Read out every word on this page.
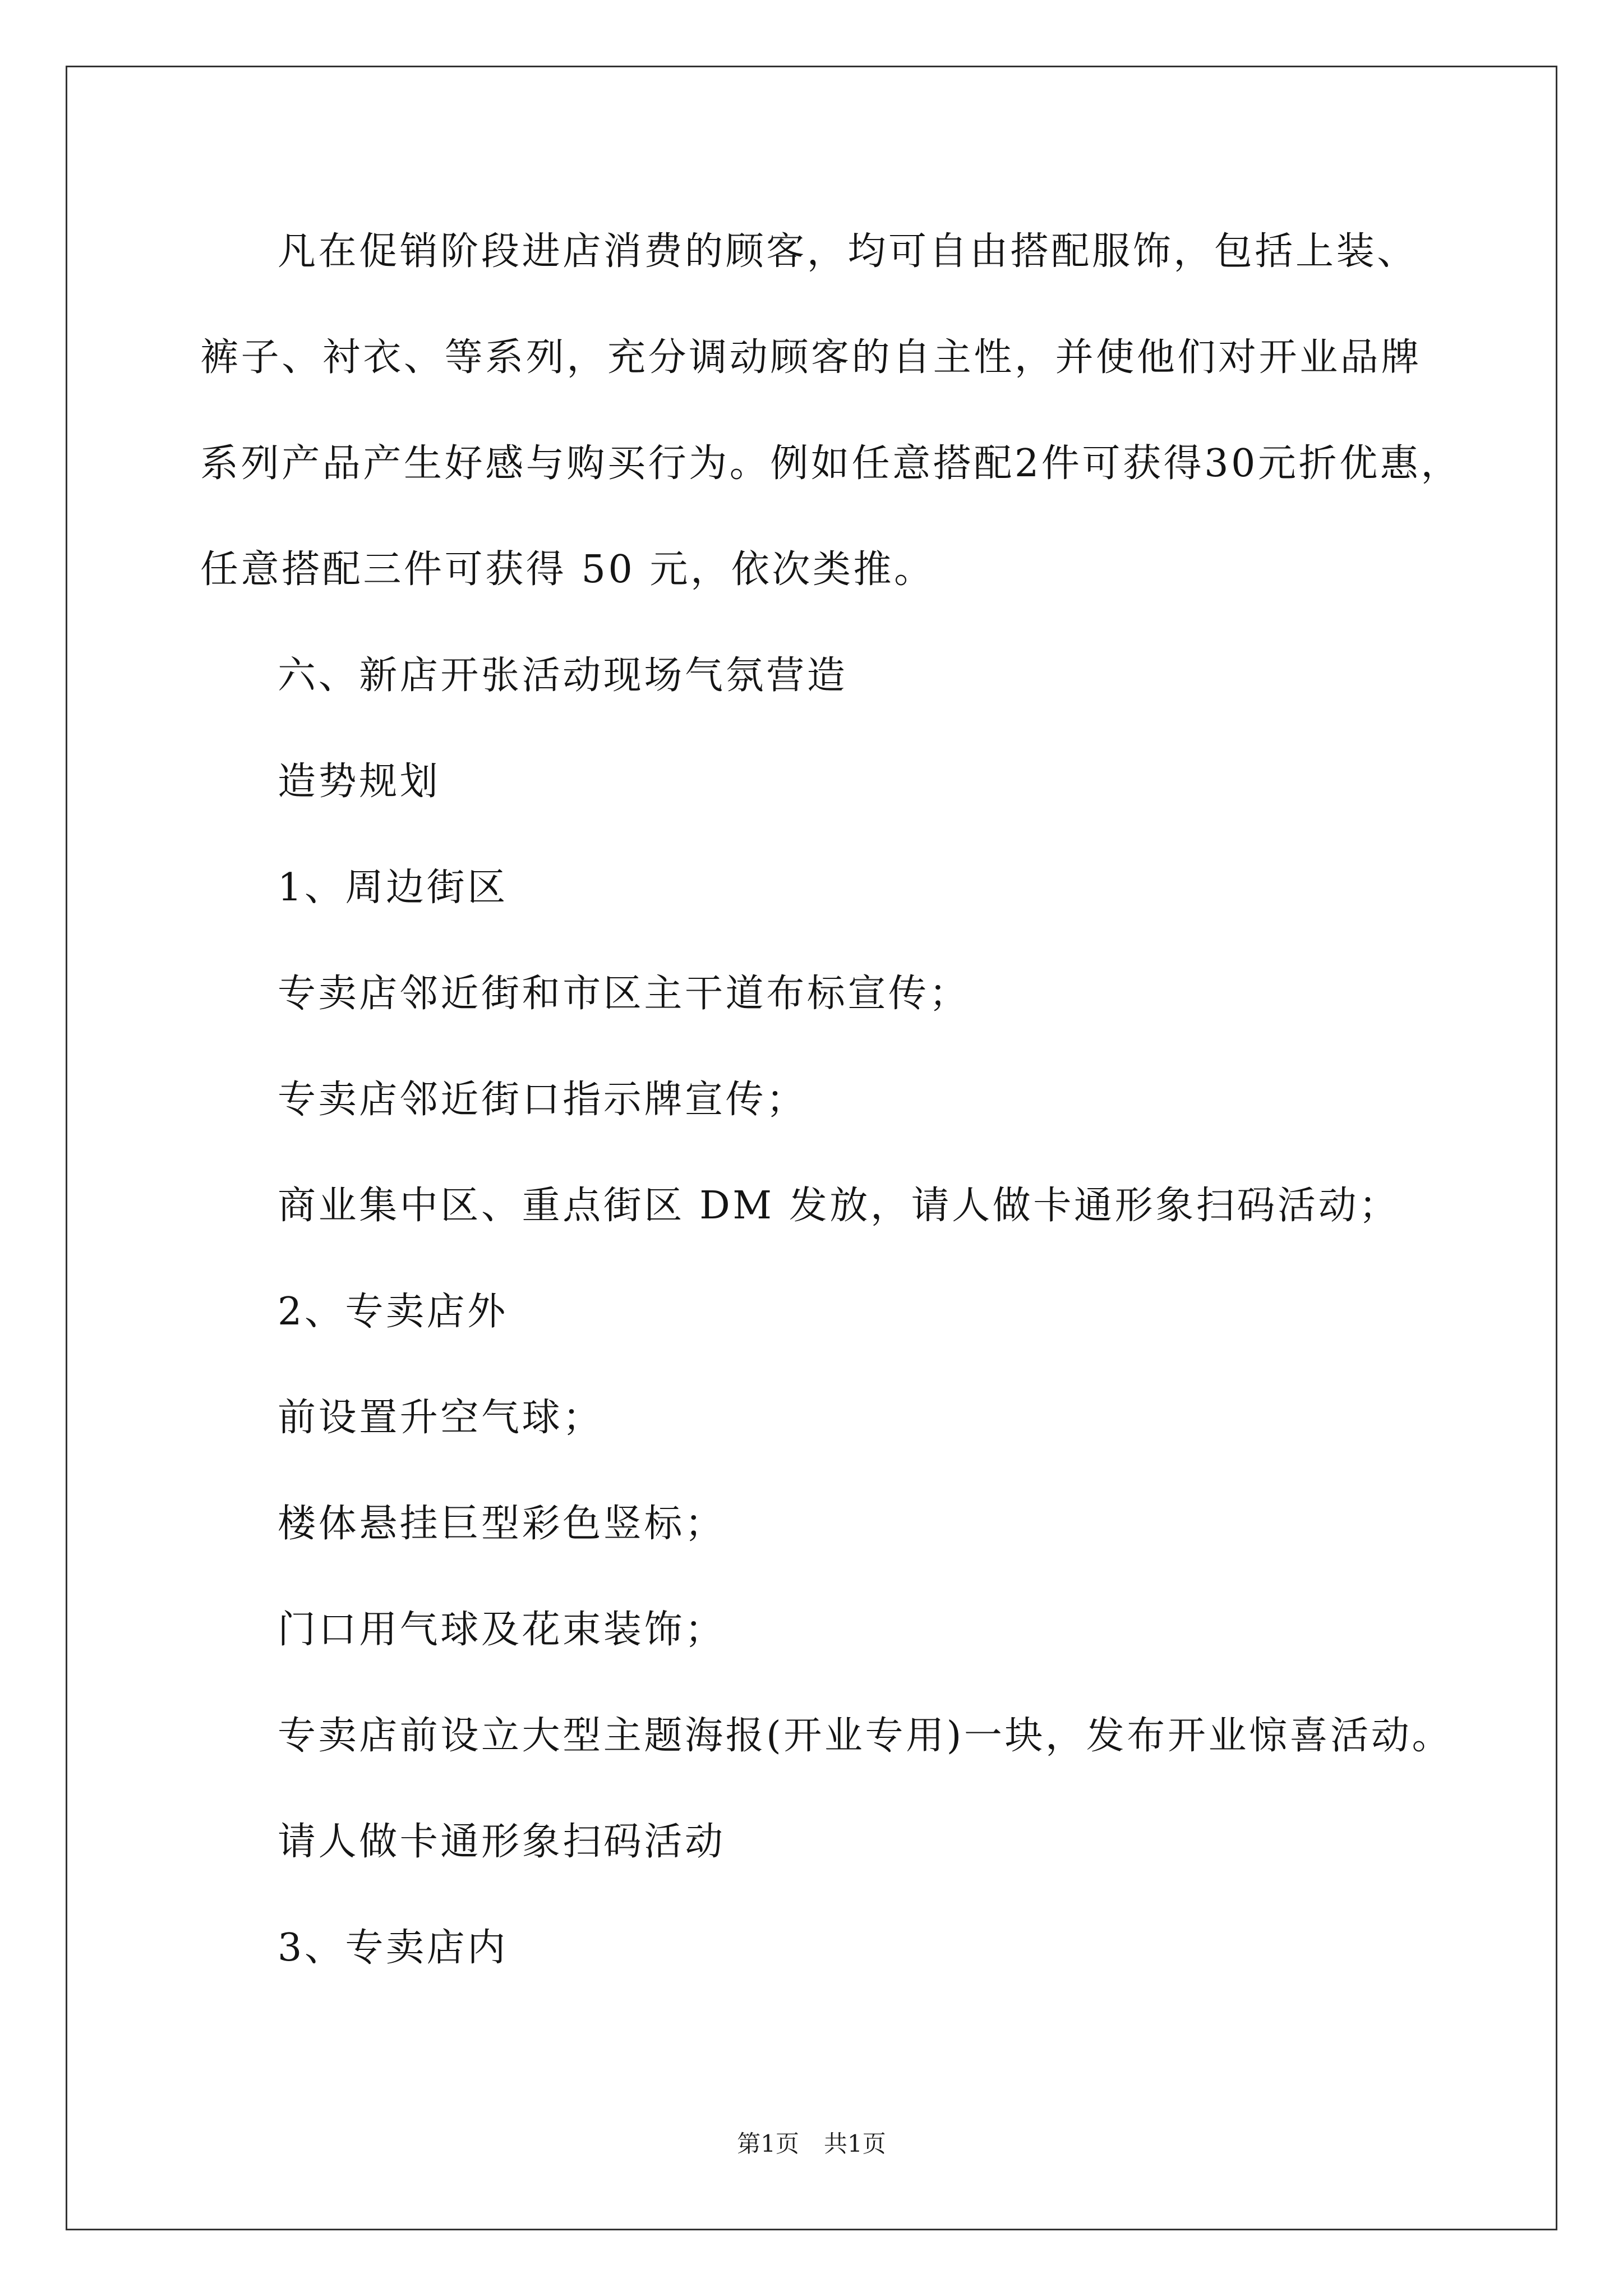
凡在促销阶段进店消费的顾客，均可自由搭配服饰，包括上装、
裤子、衬衣、等系列，充分调动顾客的自主性，并使他们对开业品牌
系列产品产生好感与购买行为。例如任意搭配2件可获得30元折优惠，
任意搭配三件可获得 50 元，依次类推。
六、新店开张活动现场气氛营造
造势规划
1、周边街区
专卖店邻近街和市区主干道布标宣传；
专卖店邻近街口指示牌宣传；
商业集中区、重点街区 DM 发放，请人做卡通形象扫码活动；
2、专卖店外
前设置升空气球；
楼体悬挂巨型彩色竖标；
门口用气球及花束装饰；
专卖店前设立大型主题海报(开业专用)一块，发布开业惊喜活动。
请人做卡通形象扫码活动
3、专卖店内
第1页 共1页
